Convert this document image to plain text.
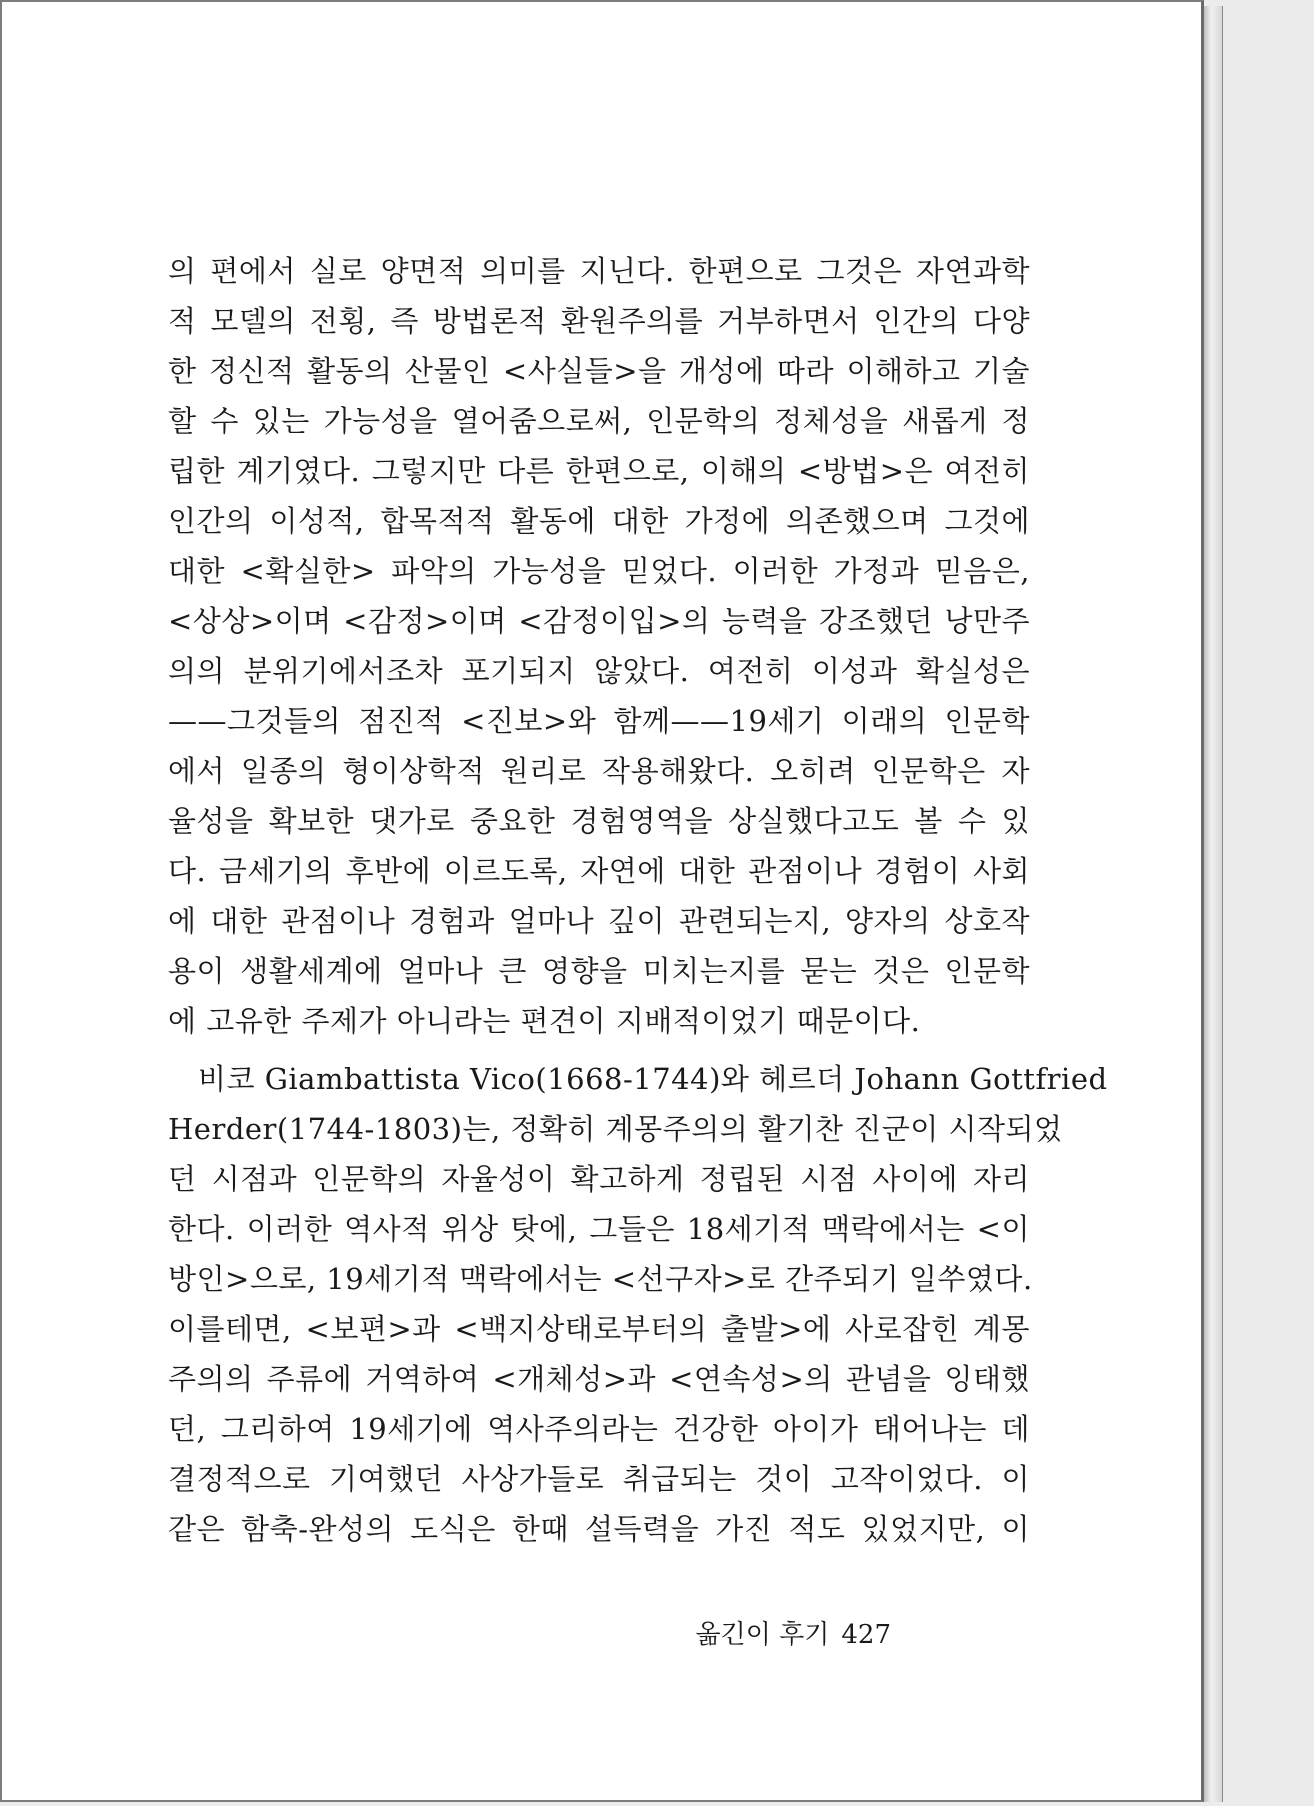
의 편에서 실로 양면적 의미를 지닌다. 한편으로 그것은 자연과학
적 모델의 전횡, 즉 방법론적 환원주의를 거부하면서 인간의 다양
한 정신적 활동의 산물인 <사실들>을 개성에 따라 이해하고 기술
할 수 있는 가능성을 열어줌으로써, 인문학의 정체성을 새롭게 정
립한 계기였다. 그렇지만 다른 한편으로, 이해의 <방법>은 여전히
인간의 이성적, 합목적적 활동에 대한 가정에 의존했으며 그것에
대한 <확실한> 파악의 가능성을 믿었다. 이러한 가정과 믿음은,
<상상>이며 <감정>이며 <감정이입>의 능력을 강조했던 낭만주
의의 분위기에서조차 포기되지 않았다. 여전히 이성과 확실성은
——그것들의 점진적 <진보>와 함께——19세기 이래의 인문학
에서 일종의 형이상학적 원리로 작용해왔다. 오히려 인문학은 자
율성을 확보한 댓가로 중요한 경험영역을 상실했다고도 볼 수 있
다. 금세기의 후반에 이르도록, 자연에 대한 관점이나 경험이 사회
에 대한 관점이나 경험과 얼마나 깊이 관련되는지, 양자의 상호작
용이 생활세계에 얼마나 큰 영향을 미치는지를 묻는 것은 인문학
에 고유한 주제가 아니라는 편견이 지배적이었기 때문이다.
비코 Giambattista Vico(1668-1744)와 헤르더 Johann Gottfried
Herder(1744-1803)는, 정확히 계몽주의의 활기찬 진군이 시작되었
던 시점과 인문학의 자율성이 확고하게 정립된 시점 사이에 자리
한다. 이러한 역사적 위상 탓에, 그들은 18세기적 맥락에서는 <이
방인>으로, 19세기적 맥락에서는 <선구자>로 간주되기 일쑤였다.
이를테면, <보편>과 <백지상태로부터의 출발>에 사로잡힌 계몽
주의의 주류에 거역하여 <개체성>과 <연속성>의 관념을 잉태했
던, 그리하여 19세기에 역사주의라는 건강한 아이가 태어나는 데
결정적으로 기여했던 사상가들로 취급되는 것이 고작이었다. 이
같은 함축-완성의 도식은 한때 설득력을 가진 적도 있었지만, 이
옮긴이 후기 427
